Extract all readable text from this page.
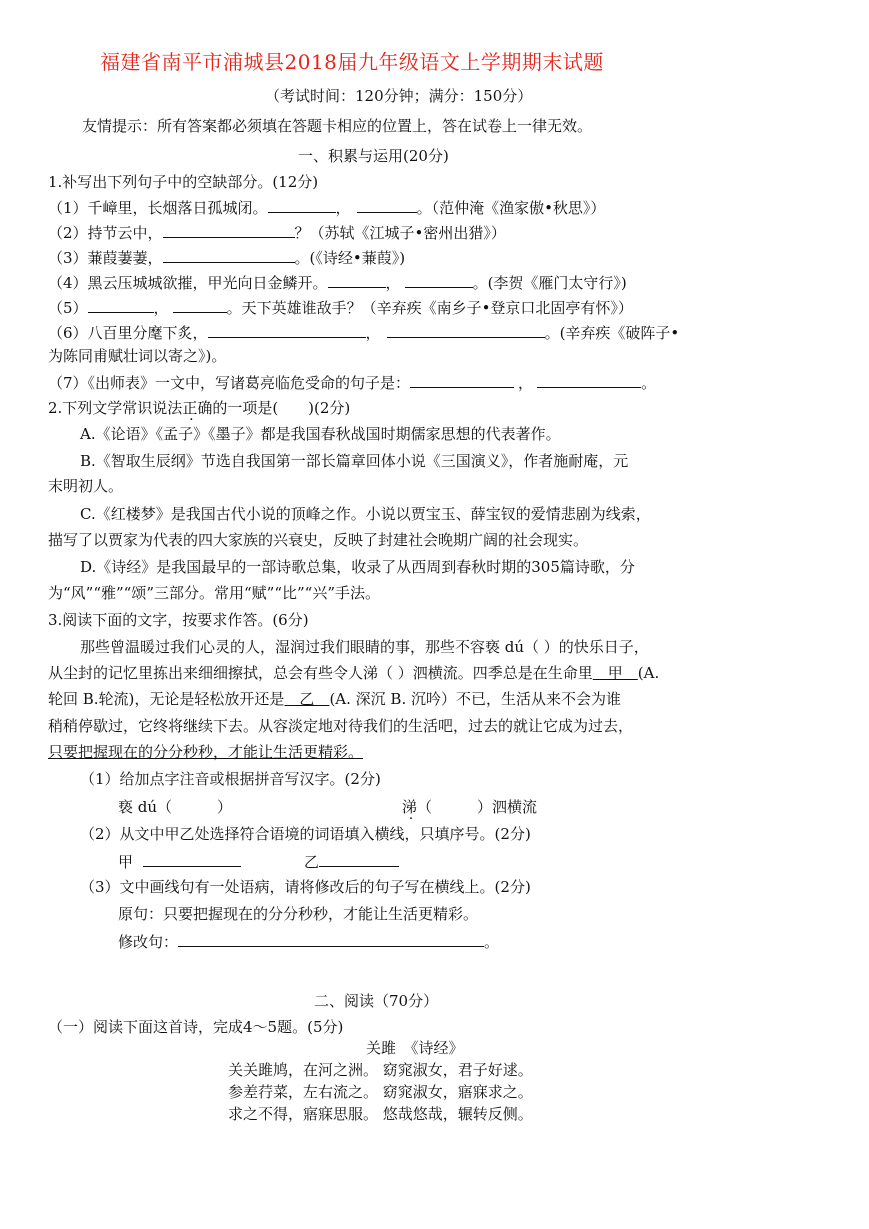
福建省南平市浦城县2018届九年级语文上学期期末试题
（考试时间：120分钟；满分：150分）
友情提示：所有答案都必须填在答题卡相应的位置上，答在试卷上一律无效。
一、积累与运用(20分)
1.补写出下列句子中的空缺部分。(12分)
（1）千嶂里，长烟落日孤城闭。	，	。（范仲淹《渔家傲•秋思》）
（2）持节云中，	？（苏轼《江城子•密州出猎》）
（3）蒹葭萋萋，	。(《诗经•蒹葭》)
（4）黑云压城城欲摧，甲光向日金鳞开。	，	。(李贺《雁门太守行》)
（5）	，	。天下英雄谁敌手？（辛弃疾《南乡子•登京口北固亭有怀》）
（6）八百里分麾下炙，	，	。(辛弃疾《破阵子•
为陈同甫赋壮词以寄之》)。
（7）《出师表》一文中，写诸葛亮临危受命的句子是：	，	。
2.下列文学常识说法正确的一项是(　　)(2分)
A.《论语》《孟子》《墨子》都是我国春秋战国时期儒家思想的代表著作。
B.《智取生辰纲》节选自我国第一部长篇章回体小说《三国演义》，作者施耐庵，元
末明初人。
C.《红楼梦》是我国古代小说的顶峰之作。小说以贾宝玉、薛宝钗的爱情悲剧为线索，
描写了以贾家为代表的四大家族的兴衰史，反映了封建社会晚期广阔的社会现实。
D.《诗经》是我国最早的一部诗歌总集，收录了从西周到春秋时期的305篇诗歌，分
为“风”“雅”“颂”三部分。常用“赋”“比”“兴”手法。
3.阅读下面的文字，按要求作答。(6分)
那些曾温暖过我们心灵的人，湿润过我们眼睛的事，那些不容亵 dú（ ）的快乐日子，
从尘封的记忆里拣出来细细擦拭，总会有些令人涕（ ）泗横流。四季总是在生命里　甲　(A.
轮回 B.轮流)，无论是轻松放开还是　乙　(A. 深沉 B. 沉吟）不已，生活从来不会为谁
稍稍停歇过，它终将继续下去。从容淡定地对待我们的生活吧，过去的就让它成为过去，
只要把握现在的分分秒秒，才能让生活更精彩。
（1）给加点字注音或根据拼音写汉字。(2分)
亵 dú（　　　）	涕（　　　）泗横流
（2）从文中甲乙处选择符合语境的词语填入横线，只填序号。(2分)
甲	乙
（3）文中画线句有一处语病，请将修改后的句子写在横线上。(2分)
原句：只要把握现在的分分秒秒，才能让生活更精彩。
修改句：	。
二、阅读（70分）
（一）阅读下面这首诗，完成4～5题。(5分)
关雎　《诗经》
关关雎鸠，在河之洲。 窈窕淑女，君子好逑。
参差荇菜，左右流之。 窈窕淑女，寤寐求之。
求之不得，寤寐思服。 悠哉悠哉，辗转反侧。
